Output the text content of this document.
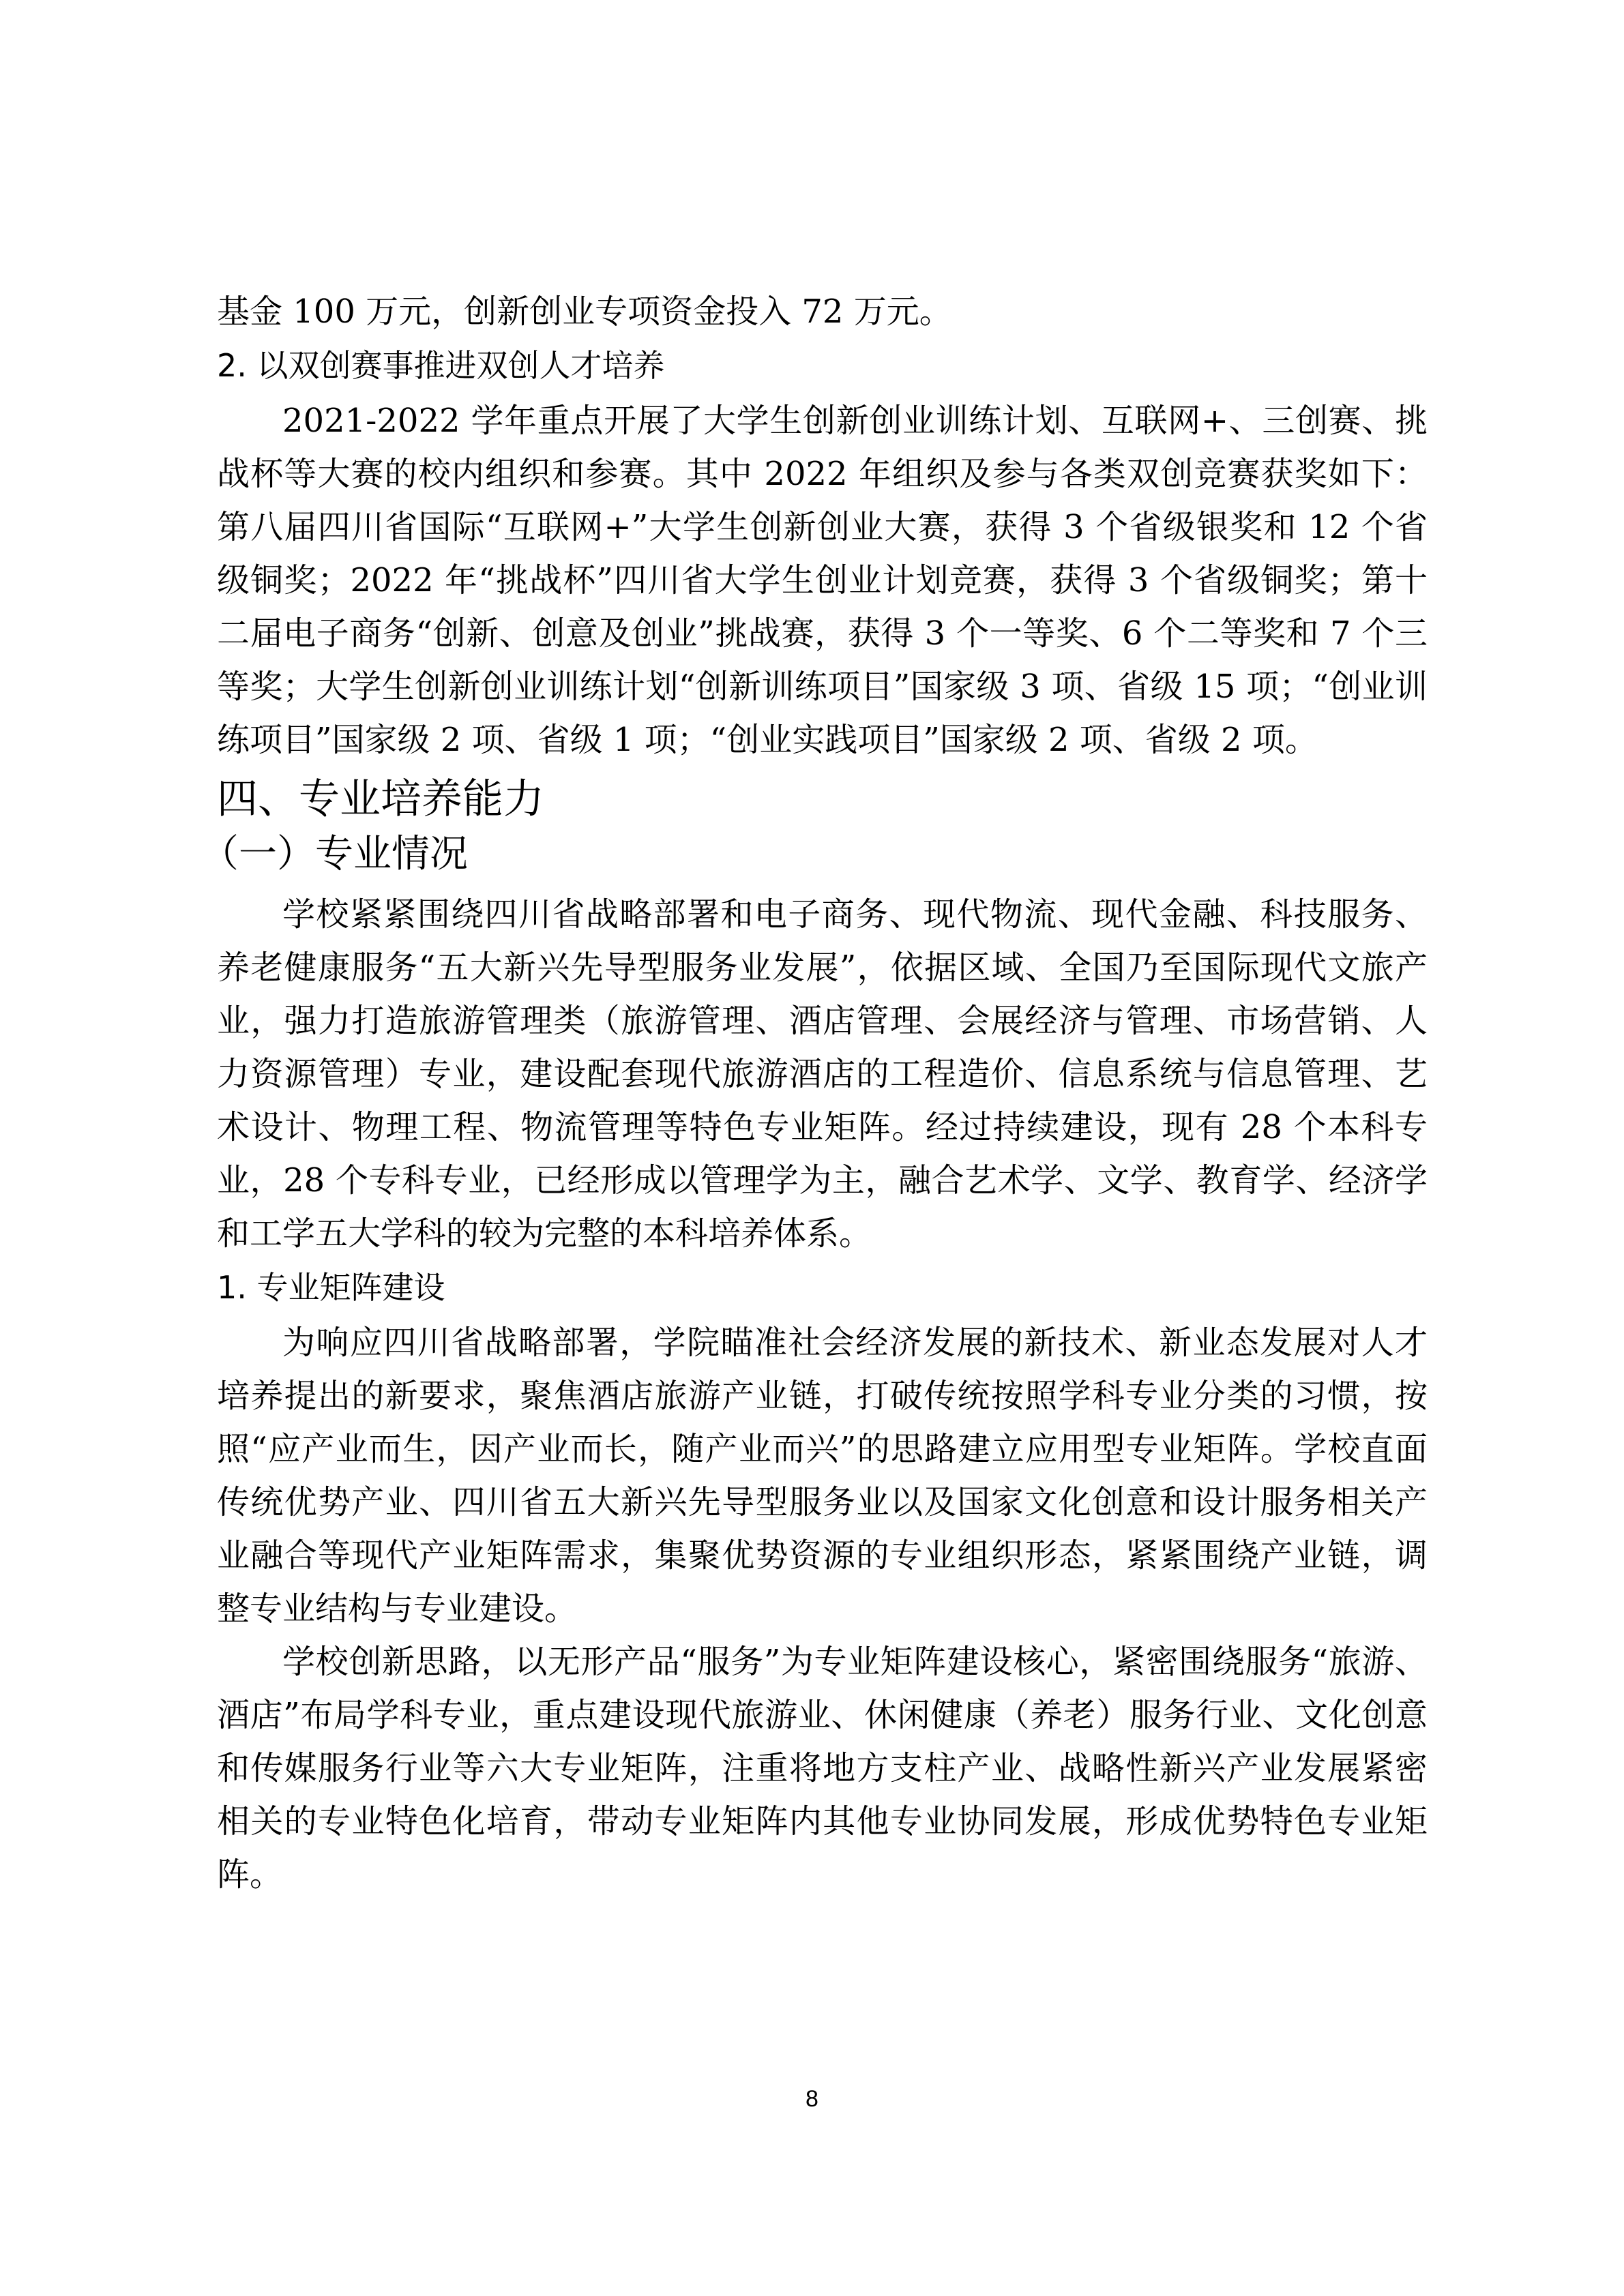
基金 100 万元，创新创业专项资金投入 72 万元。

2. 以双创赛事推进双创人才培养

2021-2022 学年重点开展了大学生创新创业训练计划、互联网+、三创赛、挑战杯等大赛的校内组织和参赛。其中 2022 年组织及参与各类双创竞赛获奖如下：第八届四川省国际“互联网+”大学生创新创业大赛，获得 3 个省级银奖和 12 个省级铜奖；2022 年“挑战杯”四川省大学生创业计划竞赛，获得 3 个省级铜奖；第十二届电子商务“创新、创意及创业”挑战赛，获得 3 个一等奖、6 个二等奖和 7 个三等奖；大学生创新创业训练计划“创新训练项目”国家级 3 项、省级 15 项；“创业训练项目”国家级 2 项、省级 1 项；“创业实践项目”国家级 2 项、省级 2 项。

四、专业培养能力
（一）专业情况

学校紧紧围绕四川省战略部署和电子商务、现代物流、现代金融、科技服务、养老健康服务“五大新兴先导型服务业发展”，依据区域、全国乃至国际现代文旅产业，强力打造旅游管理类（旅游管理、酒店管理、会展经济与管理、市场营销、人力资源管理）专业，建设配套现代旅游酒店的工程造价、信息系统与信息管理、艺术设计、物理工程、物流管理等特色专业矩阵。经过持续建设，现有 28 个本科专业，28 个专科专业，已经形成以管理学为主，融合艺术学、文学、教育学、经济学和工学五大学科的较为完整的本科培养体系。

1. 专业矩阵建设

为响应四川省战略部署，学院瞄准社会经济发展的新技术、新业态发展对人才培养提出的新要求，聚焦酒店旅游产业链，打破传统按照学科专业分类的习惯，按照“应产业而生，因产业而长，随产业而兴”的思路建立应用型专业矩阵。学校直面传统优势产业、四川省五大新兴先导型服务业以及国家文化创意和设计服务相关产业融合等现代产业矩阵需求，集聚优势资源的专业组织形态，紧紧围绕产业链，调整专业结构与专业建设。

学校创新思路，以无形产品“服务”为专业矩阵建设核心，紧密围绕服务“旅游、酒店”布局学科专业，重点建设现代旅游业、休闲健康（养老）服务行业、文化创意和传媒服务行业等六大专业矩阵，注重将地方支柱产业、战略性新兴产业发展紧密相关的专业特色化培育，带动专业矩阵内其他专业协同发展，形成优势特色专业矩阵。

8
